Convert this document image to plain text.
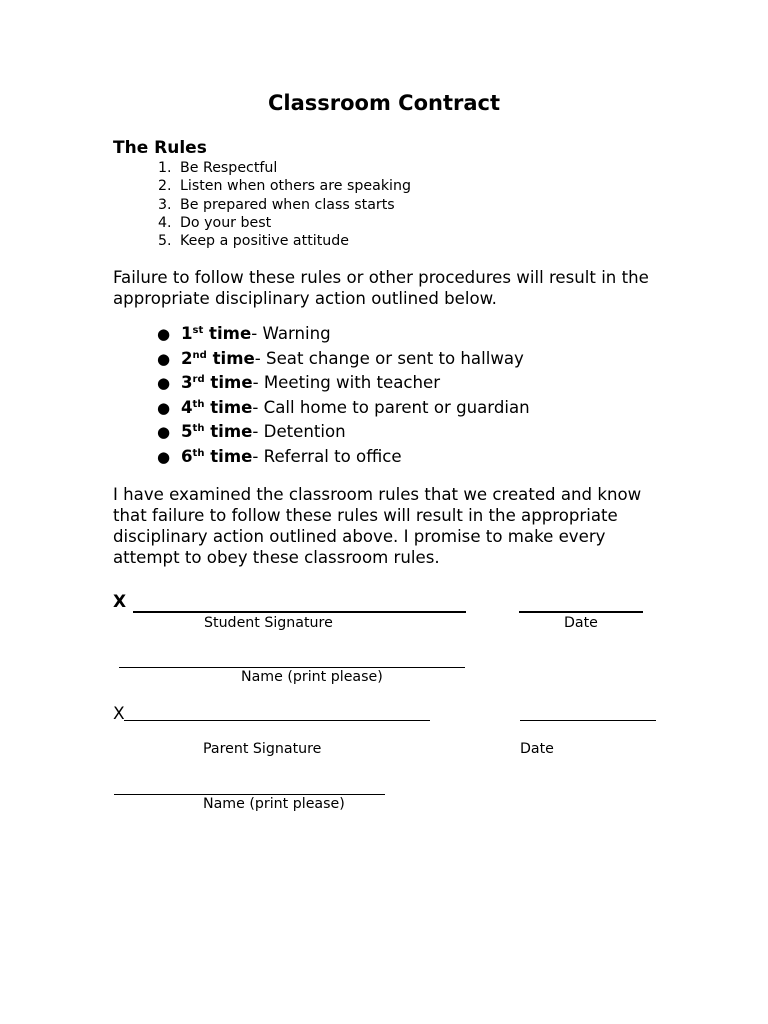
Classroom Contract
The Rules
1. Be Respectful
2. Listen when others are speaking
3. Be prepared when class starts
4. Do your best
5. Keep a positive attitude
Failure to follow these rules or other procedures will result in the appropriate disciplinary action outlined below.
● 1st time - Warning
● 2nd time - Seat change or sent to hallway
● 3rd time - Meeting with teacher
● 4th time - Call home to parent or guardian
● 5th time - Detention
● 6th time - Referral to office
I have examined the classroom rules that we created and know that failure to follow these rules will result in the appropriate disciplinary action outlined above. I promise to make every attempt to obey these classroom rules.
X
Student Signature	Date
Name (print please)
X
Parent Signature	Date
Name (print please)
